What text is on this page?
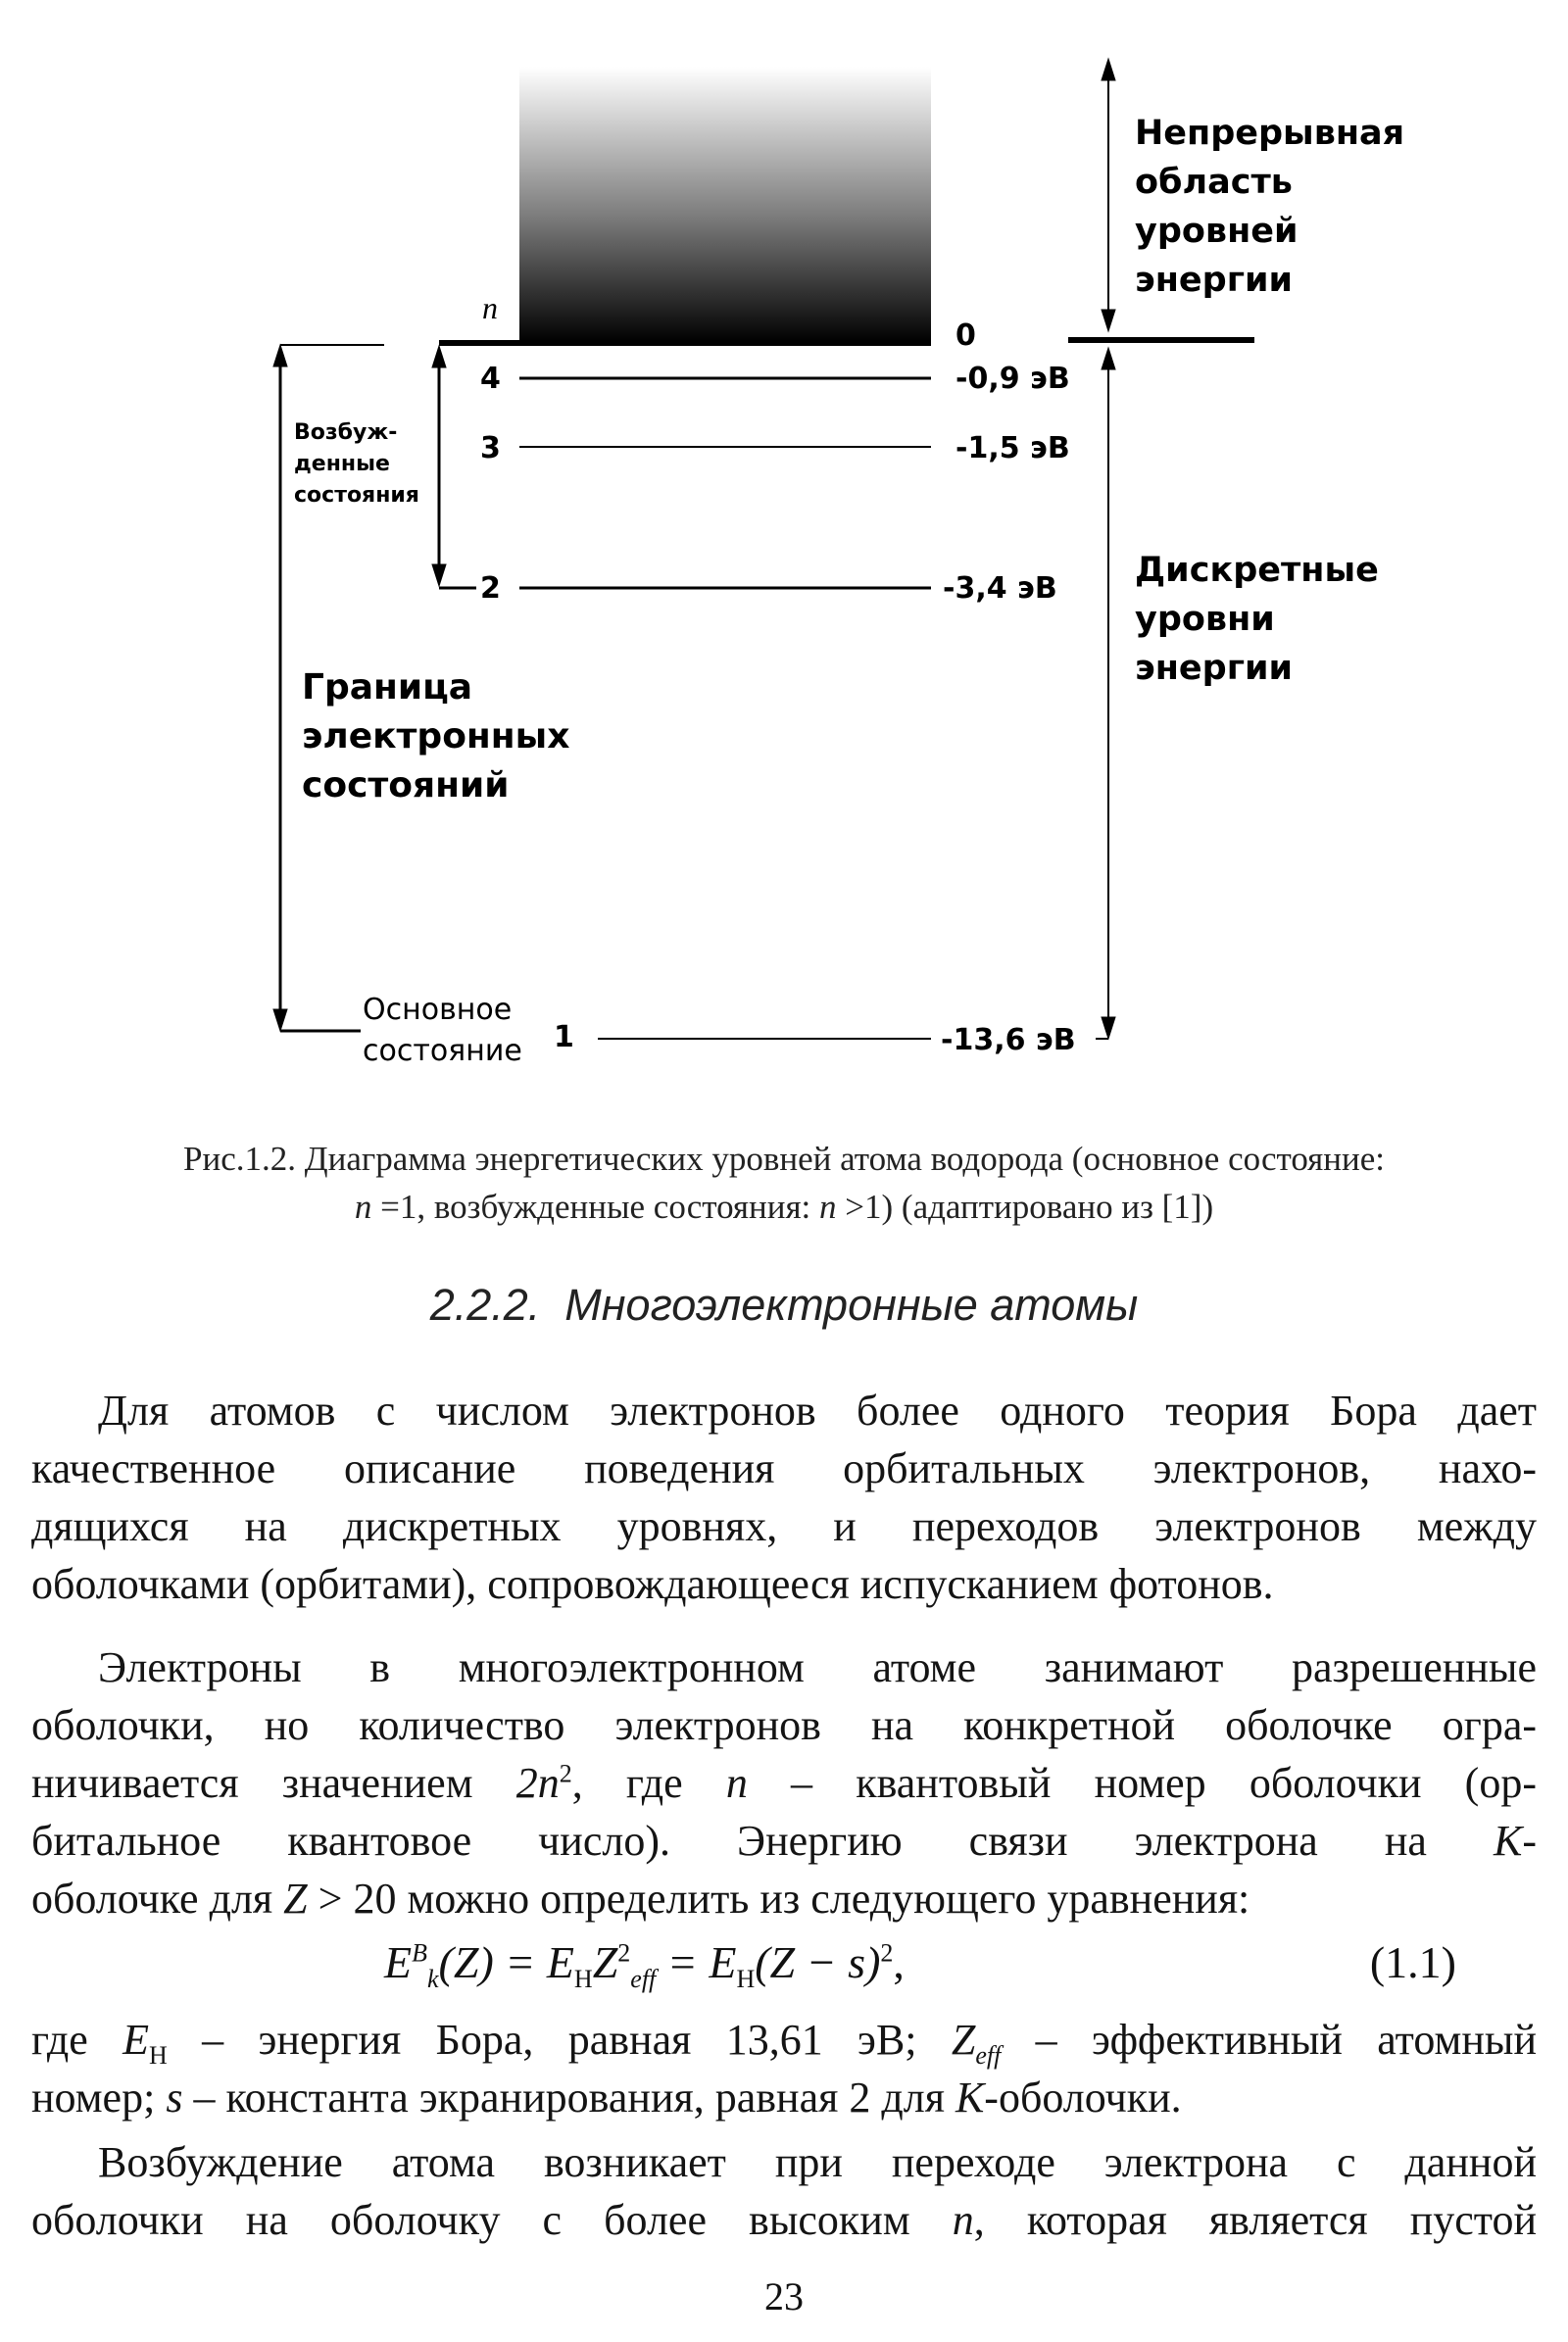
n
0
4	-0,9 эВ
3	-1,5 эВ
2	-3,4 эВ
1	-13,6 эВ
Непрерывная
область
уровней
энергии
Дискретные
уровни
энергии
Возбуж-
денные
состояния
Граница
электронных
состояний
Основное
состояние
Рис.1.2. Диаграмма энергетических уровней атома водорода (основное состояние:
n =1, возбужденные состояния: n >1) (адаптировано из [1])
2.2.2.  Многоэлектронные атомы
Для атомов с числом электронов более одного теория Бора дает
качественное описание поведения орбитальных электронов, нахо-
дящихся на дискретных уровнях, и переходов электронов между
оболочками (орбитами), сопровождающееся испусканием фотонов.
Электроны в многоэлектронном атоме занимают разрешенные
оболочки, но количество электронов на конкретной оболочке огра-
ничивается значением $2n^2$, где n – квантовый номер оболочки (ор-
битальное квантовое число). Энергию связи электрона на K-
оболочке для Z > 20 можно определить из следующего уравнения:
$E^B_k(Z) = E_HZ^2_{eff} = E_H(Z - s)^2$,	(1.1)
где $E_H$ – энергия Бора, равная 13,61 эВ; $Z_{eff}$ – эффективный атомный
номер; s – константа экранирования, равная 2 для K-оболочки.
Возбуждение атома возникает при переходе электрона с данной
оболочки на оболочку с более высоким n, которая является пустой
23
